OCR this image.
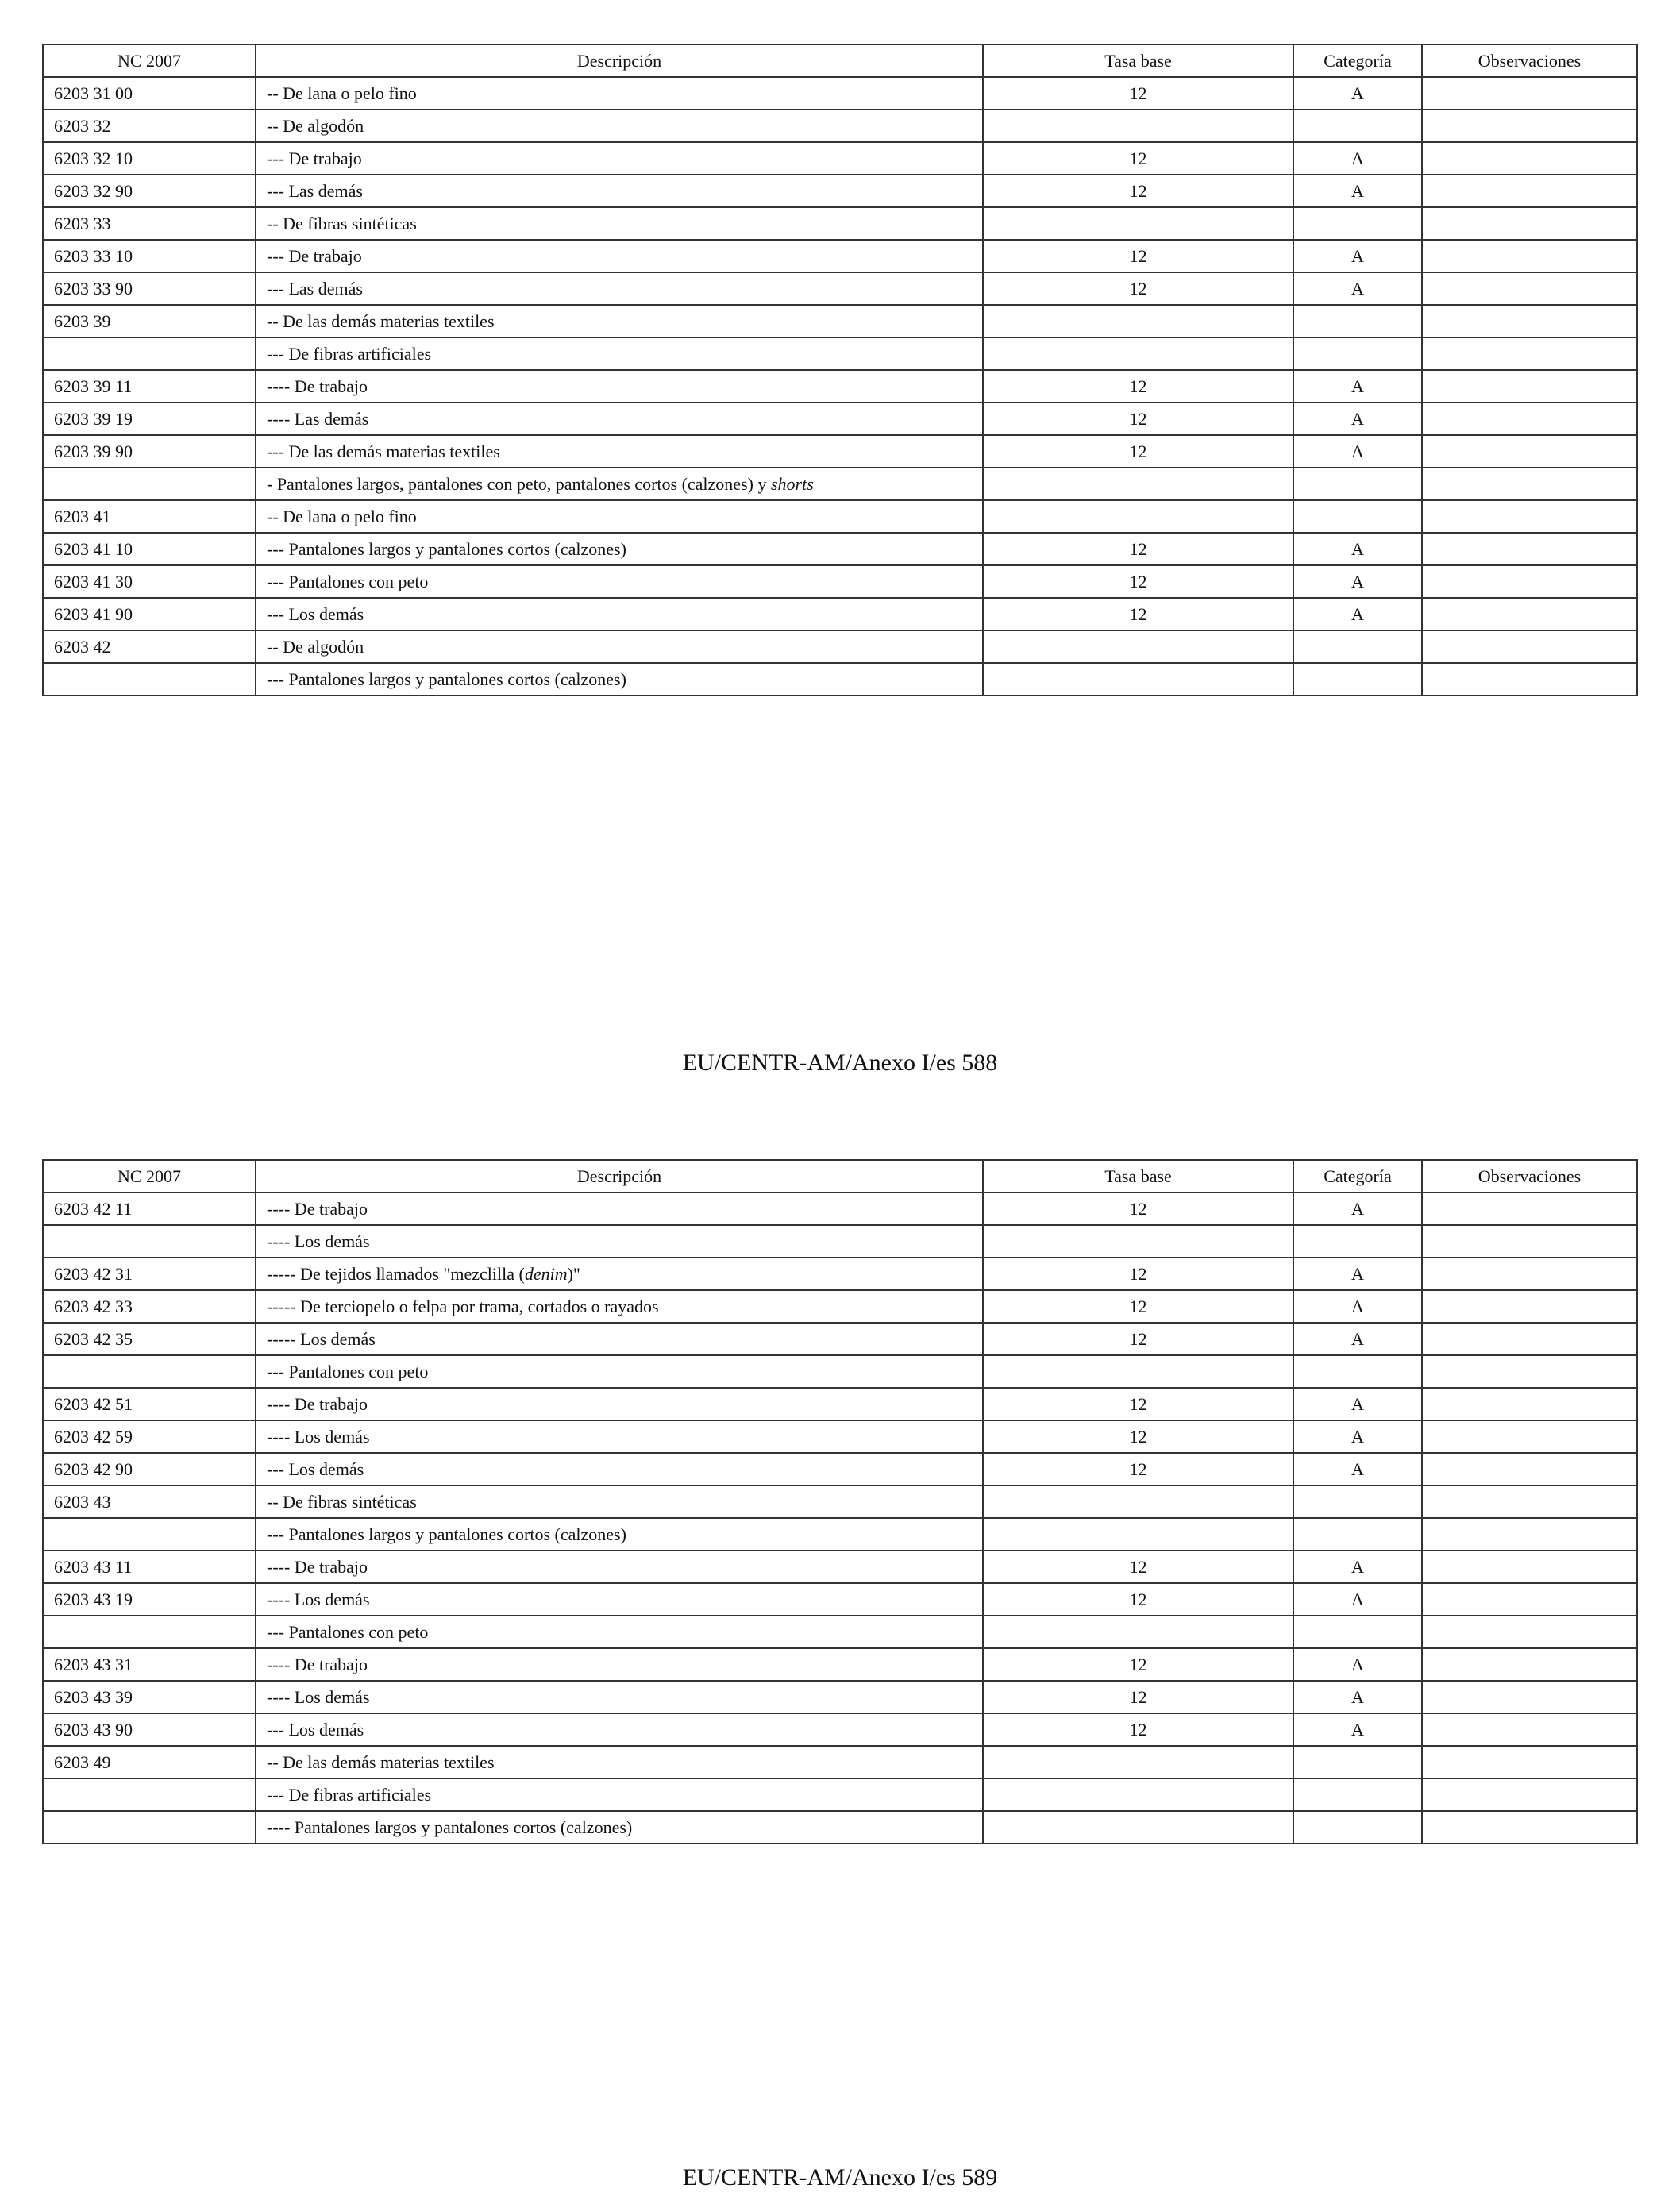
NC 2007	Descripción	Tasa base	Categoría	Observaciones
6203 31 00	-- De lana o pelo fino	12	A	
6203 32	-- De algodón			
6203 32 10	--- De trabajo	12	A	
6203 32 90	--- Las demás	12	A	
6203 33	-- De fibras sintéticas			
6203 33 10	--- De trabajo	12	A	
6203 33 90	--- Las demás	12	A	
6203 39	-- De las demás materias textiles			
	--- De fibras artificiales			
6203 39 11	---- De trabajo	12	A	
6203 39 19	---- Las demás	12	A	
6203 39 90	--- De las demás materias textiles	12	A	
	- Pantalones largos, pantalones con peto, pantalones cortos (calzones) y shorts			
6203 41	-- De lana o pelo fino			
6203 41 10	--- Pantalones largos y pantalones cortos (calzones)	12	A	
6203 41 30	--- Pantalones con peto	12	A	
6203 41 90	--- Los demás	12	A	
6203 42	-- De algodón			
	--- Pantalones largos y pantalones cortos (calzones)			
EU/CENTR-AM/Anexo I/es 588
NC 2007	Descripción	Tasa base	Categoría	Observaciones
6203 42 11	---- De trabajo	12	A	
	---- Los demás			
6203 42 31	----- De tejidos llamados "mezclilla (denim)"	12	A	
6203 42 33	----- De terciopelo o felpa por trama, cortados o rayados	12	A	
6203 42 35	----- Los demás	12	A	
	--- Pantalones con peto			
6203 42 51	---- De trabajo	12	A	
6203 42 59	---- Los demás	12	A	
6203 42 90	--- Los demás	12	A	
6203 43	-- De fibras sintéticas			
	--- Pantalones largos y pantalones cortos (calzones)			
6203 43 11	---- De trabajo	12	A	
6203 43 19	---- Los demás	12	A	
	--- Pantalones con peto			
6203 43 31	---- De trabajo	12	A	
6203 43 39	---- Los demás	12	A	
6203 43 90	--- Los demás	12	A	
6203 49	-- De las demás materias textiles			
	--- De fibras artificiales			
	---- Pantalones largos y pantalones cortos (calzones)			
EU/CENTR-AM/Anexo I/es 589
